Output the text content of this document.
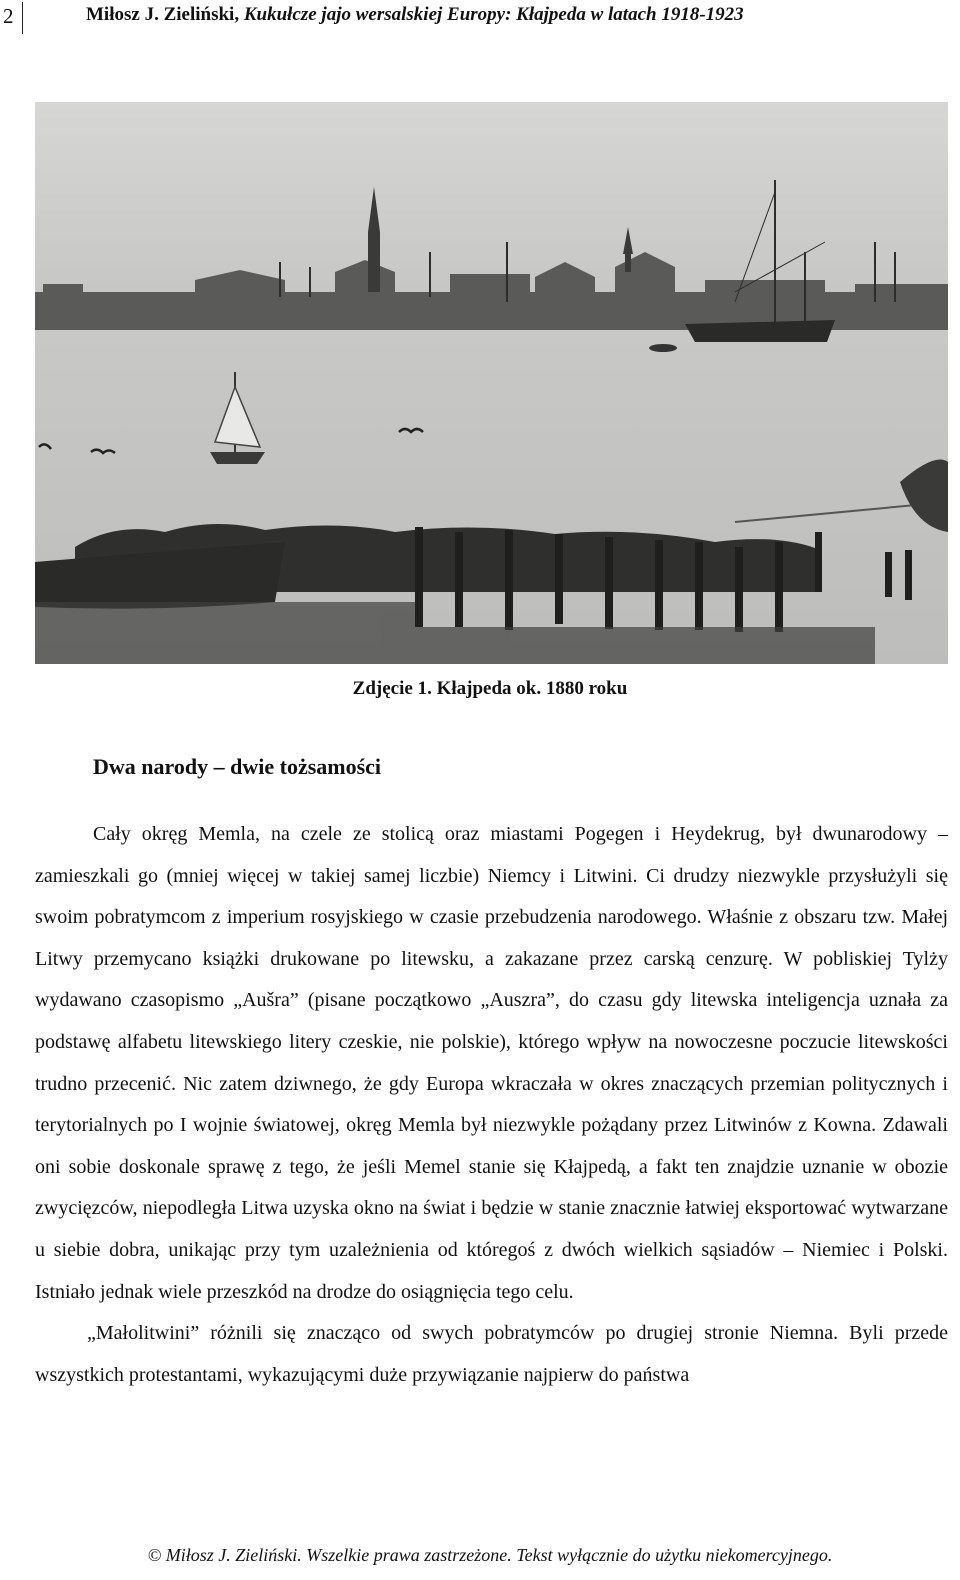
2	Miłosz J. Zieliński, Kukułcze jajo wersalskiej Europy: Kłajpeda w latach 1918-1923
Zdjęcie 1. Kłajpeda ok. 1880 roku
Dwa narody – dwie tożsamości

Cały okręg Memla, na czele ze stolicą oraz miastami Pogegen i Heydekrug, był dwunarodowy – zamieszkali go (mniej więcej w takiej samej liczbie) Niemcy i Litwini. Ci drudzy niezwykle przysłużyli się swoim pobratymcom z imperium rosyjskiego w czasie przebudzenia narodowego. Właśnie z obszaru tzw. Małej Litwy przemycano książki drukowane po litewsku, a zakazane przez carską cenzurę. W pobliskiej Tylży wydawano czasopismo „Aušra” (pisane początkowo „Auszra”, do czasu gdy litewska inteligencja uznała za podstawę alfabetu litewskiego litery czeskie, nie polskie), którego wpływ na nowoczesne poczucie litewskości trudno przecenić. Nic zatem dziwnego, że gdy Europa wkraczała w okres znaczących przemian politycznych i terytorialnych po I wojnie światowej, okręg Memla był niezwykle pożądany przez Litwinów z Kowna. Zdawali oni sobie doskonale sprawę z tego, że jeśli Memel stanie się Kłajpedą, a fakt ten znajdzie uznanie w obozie zwycięzców, niepodległa Litwa uzyska okno na świat i będzie w stanie znacznie łatwiej eksportować wytwarzane u siebie dobra, unikając przy tym uzależnienia od któregoś z dwóch wielkich sąsiadów – Niemiec i Polski. Istniało jednak wiele przeszkód na drodze do osiągnięcia tego celu.

„Małolitwini” różnili się znacząco od swych pobratymców po drugiej stronie Niemna. Byli przede wszystkich protestantami, wykazującymi duże przywiązanie najpierw do państwa

© Miłosz J. Zieliński. Wszelkie prawa zastrzeżone. Tekst wyłącznie do użytku niekomercyjnego.
